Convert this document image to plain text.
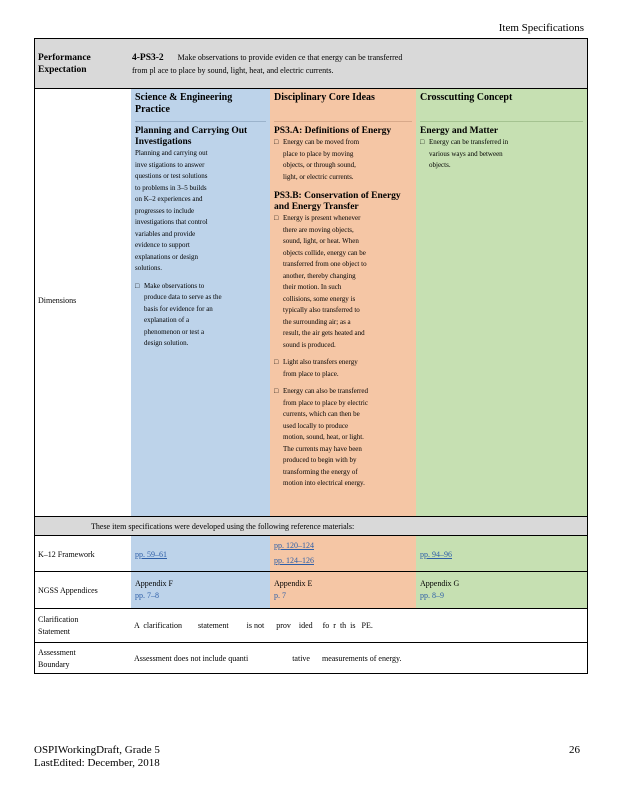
Item Specifications
Performance Expectation
4-PS3-2 Make observations to provide eviden ce that energy can be transferred
from pl ace to place by sound, light, heat, and electric currents.
Dimensions
Science & Engineering Practice
Planning and Carrying Out Investigations
Planning and carrying out inve stigations to answer questions or test solutions to problems in 3–5 builds on K–2 experiences and progresses to include investigations that control variables and provide evidence to support explanations or design solutions.
□ Make observations to produce data to serve as the basis for evidence for an explanation of a phenomenon or test a design solution.
Disciplinary Core Ideas
PS3.A: Definitions of Energy
□ Energy can be moved from place to place by moving objects, or through sound, light, or electric currents.
PS3.B: Conservation of Energy and Energy Transfer
□ Energy is present whenever there are moving objects, sound, light, or heat. When objects collide, energy can be transferred from one object to another, thereby changing their motion. In such collisions, some energy is typically also transferred to the surrounding air; as a result, the air gets heated and sound is produced.
□ Light also transfers energy from place to place.
□ Energy can also be transferred from place to place by electric currents, which can then be used locally to produce motion, sound, heat, or light. The currents may have been produced to begin with by transforming the energy of motion into electrical energy.
Crosscutting Concept
Energy and Matter
□ Energy can be transferred in various ways and between objects.
These item specifications were developed using the following reference materials:
K–12 Framework	pp. 59–61
pp. 120–124
pp. 124–126
pp. 94–96
NGSS Appendices
Appendix F
pp. 7–8
Appendix E
p. 7
Appendix G
pp. 8–9
Clarification
Statement
A  clarification        statement         is not      prov    ided     fo  r  th  is   PE.
Assessment
Boundary
Assessment does not include quanti                      tative      measurements of energy.
OSPIWorkingDraft, Grade 5
LastEdited: December, 2018
26
